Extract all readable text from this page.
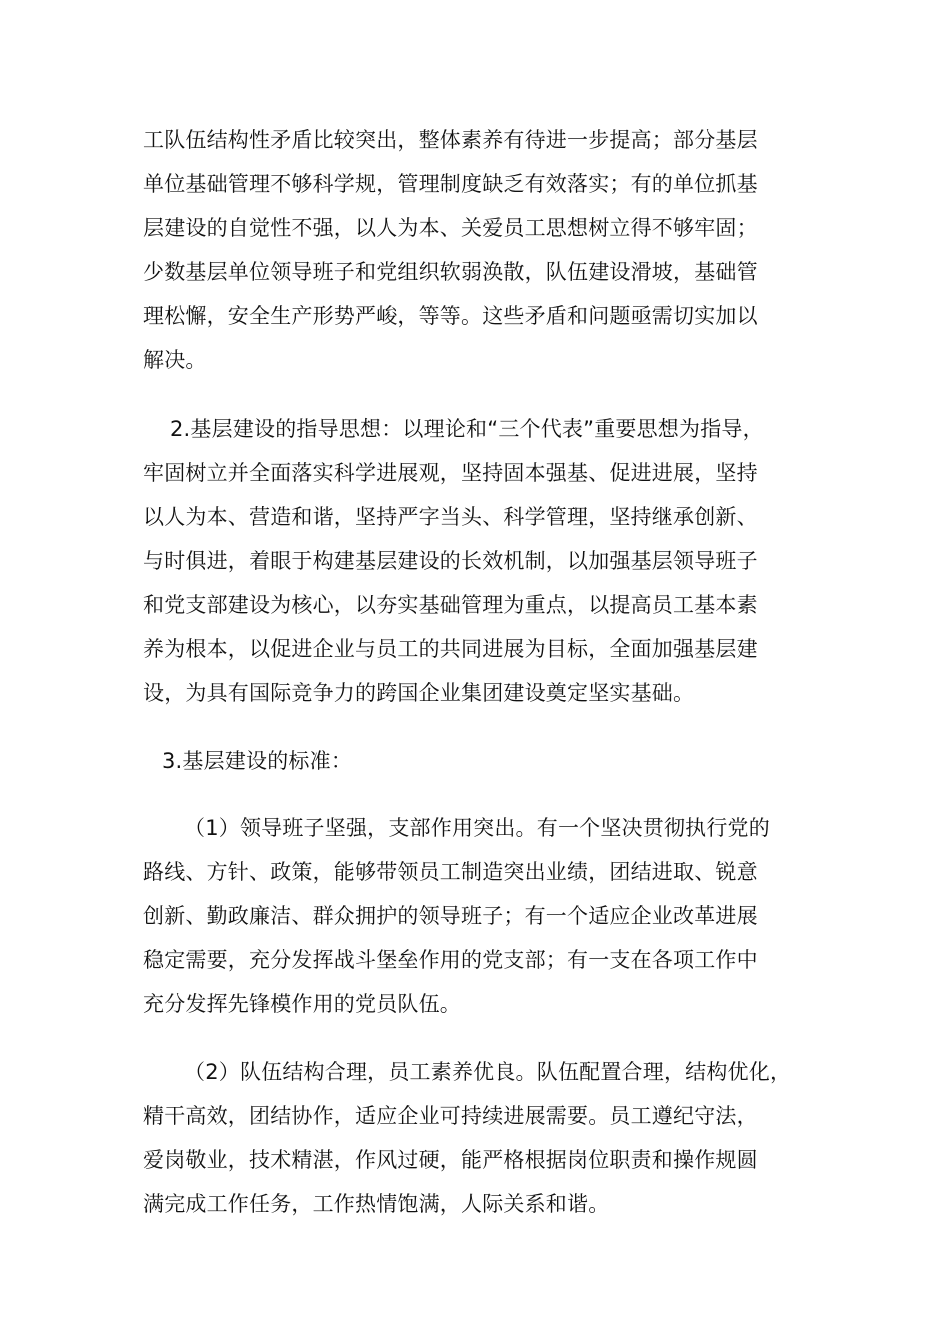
工队伍结构性矛盾比较突出，整体素养有待进一步提高；部分基层
单位基础管理不够科学规，管理制度缺乏有效落实；有的单位抓基
层建设的自觉性不强，以人为本、关爱员工思想树立得不够牢固；
少数基层单位领导班子和党组织软弱涣散，队伍建设滑坡，基础管
理松懈，安全生产形势严峻，等等。这些矛盾和问题亟需切实加以
解决。
2.基层建设的指导思想：以理论和“三个代表”重要思想为指导，
牢固树立并全面落实科学进展观，坚持固本强基、促进进展，坚持
以人为本、营造和谐，坚持严字当头、科学管理，坚持继承创新、
与时俱进，着眼于构建基层建设的长效机制，以加强基层领导班子
和党支部建设为核心，以夯实基础管理为重点，以提高员工基本素
养为根本，以促进企业与员工的共同进展为目标，全面加强基层建
设，为具有国际竞争力的跨国企业集团建设奠定坚实基础。
3.基层建设的标准：
（1）领导班子坚强，支部作用突出。有一个坚决贯彻执行党的
路线、方针、政策，能够带领员工制造突出业绩，团结进取、锐意
创新、勤政廉洁、群众拥护的领导班子；有一个适应企业改革进展
稳定需要，充分发挥战斗堡垒作用的党支部；有一支在各项工作中
充分发挥先锋模作用的党员队伍。
（2）队伍结构合理，员工素养优良。队伍配置合理，结构优化，
精干高效，团结协作，适应企业可持续进展需要。员工遵纪守法，
爱岗敬业，技术精湛，作风过硬，能严格根据岗位职责和操作规圆
满完成工作任务，工作热情饱满，人际关系和谐。
